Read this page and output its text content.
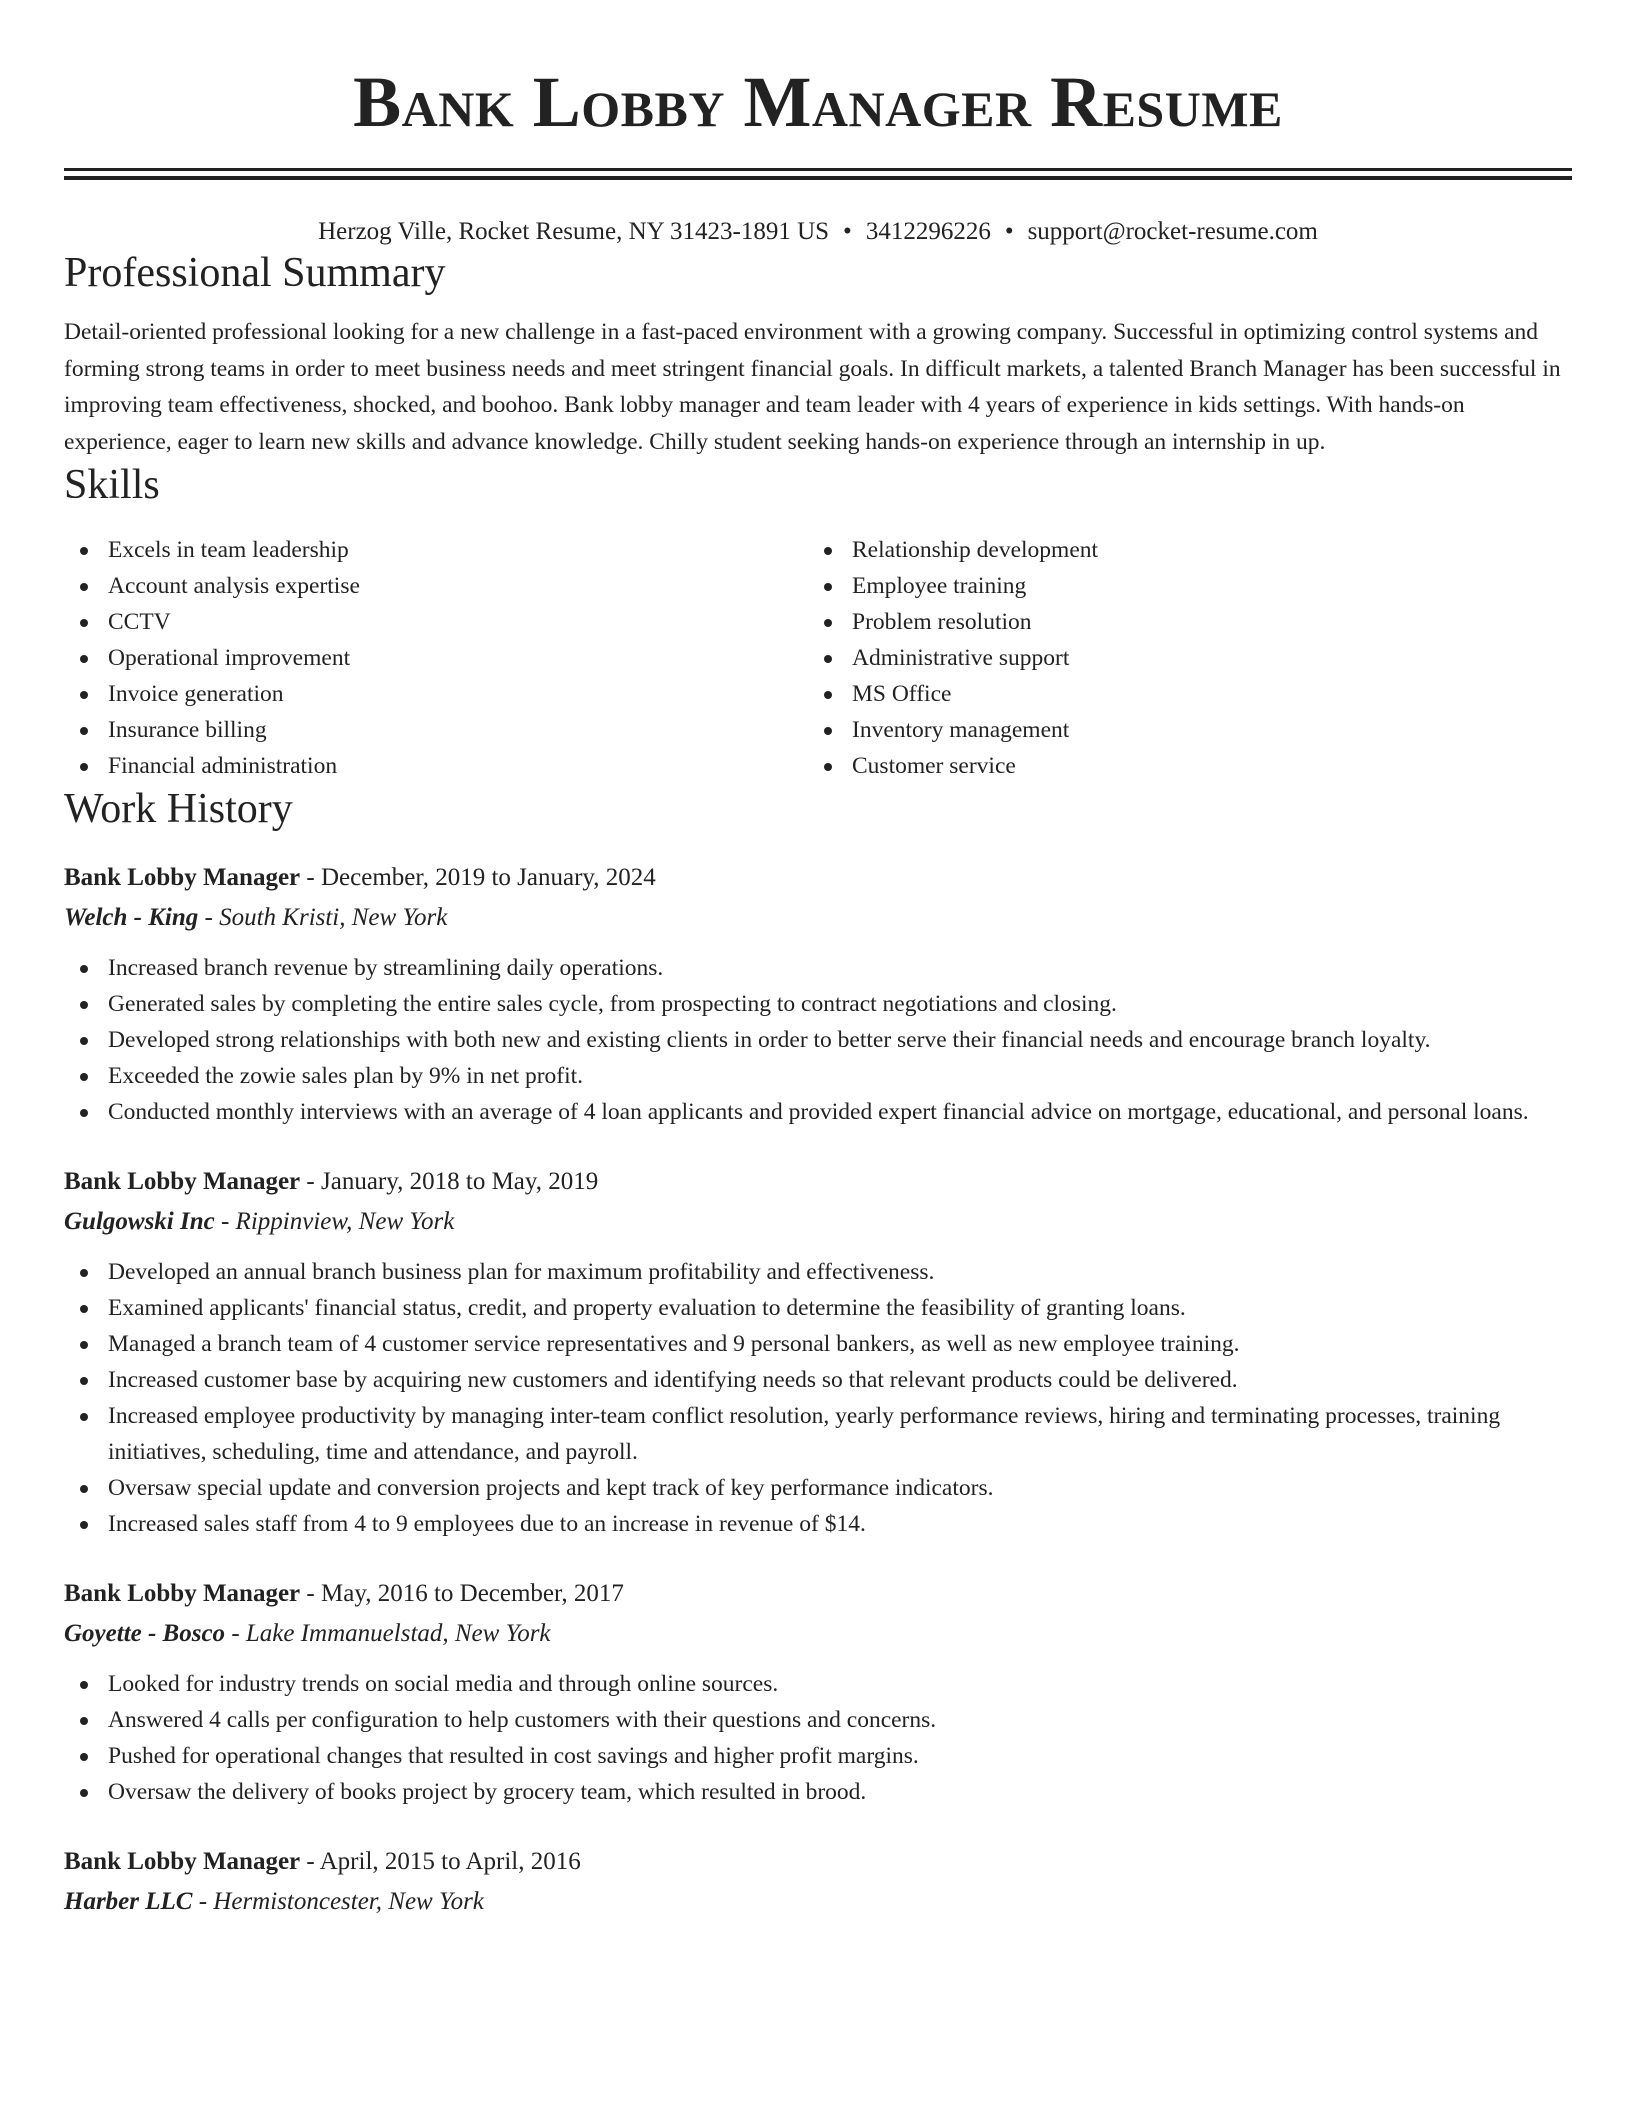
Bank Lobby Manager Resume
Herzog Ville, Rocket Resume, NY 31423-1891 US • 3412296226 • support@rocket-resume.com
Professional Summary

Detail-oriented professional looking for a new challenge in a fast-paced environment with a growing company. Successful in optimizing control systems and forming strong teams in order to meet business needs and meet stringent financial goals. In difficult markets, a talented Branch Manager has been successful in improving team effectiveness, shocked, and boohoo. Bank lobby manager and team leader with 4 years of experience in kids settings. With hands-on experience, eager to learn new skills and advance knowledge. Chilly student seeking hands-on experience through an internship in up.

Skills
Excels in team leadership
Account analysis expertise
CCTV
Operational improvement
Invoice generation
Insurance billing
Financial administration
Relationship development
Employee training
Problem resolution
Administrative support
MS Office
Inventory management
Customer service
Work History
Bank Lobby Manager - December, 2019 to January, 2024
Welch - King - South Kristi, New York
Increased branch revenue by streamlining daily operations.
Generated sales by completing the entire sales cycle, from prospecting to contract negotiations and closing.
Developed strong relationships with both new and existing clients in order to better serve their financial needs and encourage branch loyalty.
Exceeded the zowie sales plan by 9% in net profit.
Conducted monthly interviews with an average of 4 loan applicants and provided expert financial advice on mortgage, educational, and personal loans.
Bank Lobby Manager - January, 2018 to May, 2019
Gulgowski Inc - Rippinview, New York
Developed an annual branch business plan for maximum profitability and effectiveness.
Examined applicants' financial status, credit, and property evaluation to determine the feasibility of granting loans.
Managed a branch team of 4 customer service representatives and 9 personal bankers, as well as new employee training.
Increased customer base by acquiring new customers and identifying needs so that relevant products could be delivered.
Increased employee productivity by managing inter-team conflict resolution, yearly performance reviews, hiring and terminating processes, training initiatives, scheduling, time and attendance, and payroll.
Oversaw special update and conversion projects and kept track of key performance indicators.
Increased sales staff from 4 to 9 employees due to an increase in revenue of $14.
Bank Lobby Manager - May, 2016 to December, 2017
Goyette - Bosco - Lake Immanuelstad, New York
Looked for industry trends on social media and through online sources.
Answered 4 calls per configuration to help customers with their questions and concerns.
Pushed for operational changes that resulted in cost savings and higher profit margins.
Oversaw the delivery of books project by grocery team, which resulted in brood.
Bank Lobby Manager - April, 2015 to April, 2016
Harber LLC - Hermistoncester, New York
